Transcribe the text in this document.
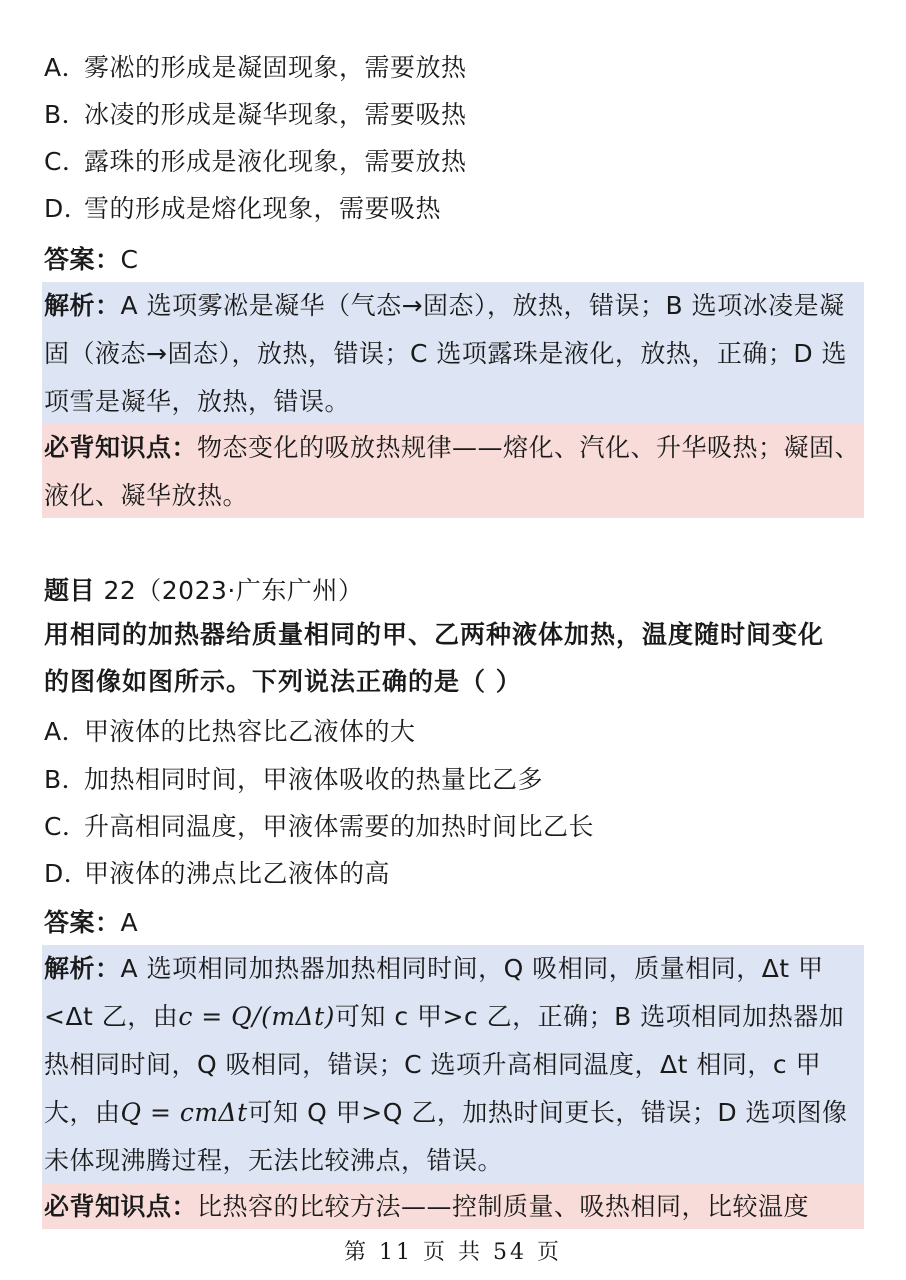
A．雾凇的形成是凝固现象，需要放热
B．冰凌的形成是凝华现象，需要吸热
C．露珠的形成是液化现象，需要放热
D．雪的形成是熔化现象，需要吸热
答案：C
解析：A 选项雾凇是凝华（气态→固态），放热，错误；B 选项冰凌是凝固（液态→固态），放热，错误；C 选项露珠是液化，放热，正确；D 选项雪是凝华，放热，错误。
必背知识点：物态变化的吸放热规律——熔化、汽化、升华吸热；凝固、液化、凝华放热。
题目 22（2023·广东广州）
用相同的加热器给质量相同的甲、乙两种液体加热，温度随时间变化
的图像如图所示。下列说法正确的是（ ）
A．甲液体的比热容比乙液体的大
B．加热相同时间，甲液体吸收的热量比乙多
C．升高相同温度，甲液体需要的加热时间比乙长
D．甲液体的沸点比乙液体的高
答案：A
解析：A 选项相同加热器加热相同时间，Q 吸相同，质量相同，Δt 甲<Δt 乙，由c = Q/(mΔt)可知 c 甲>c 乙，正确；B 选项相同加热器加热相同时间，Q 吸相同，错误；C 选项升高相同温度，Δt 相同，c 甲大，由Q = cmΔt可知 Q 甲>Q 乙，加热时间更长，错误；D 选项图像未体现沸腾过程，无法比较沸点，错误。
必背知识点：比热容的比较方法——控制质量、吸热相同，比较温度
第 11 页 共 54 页
